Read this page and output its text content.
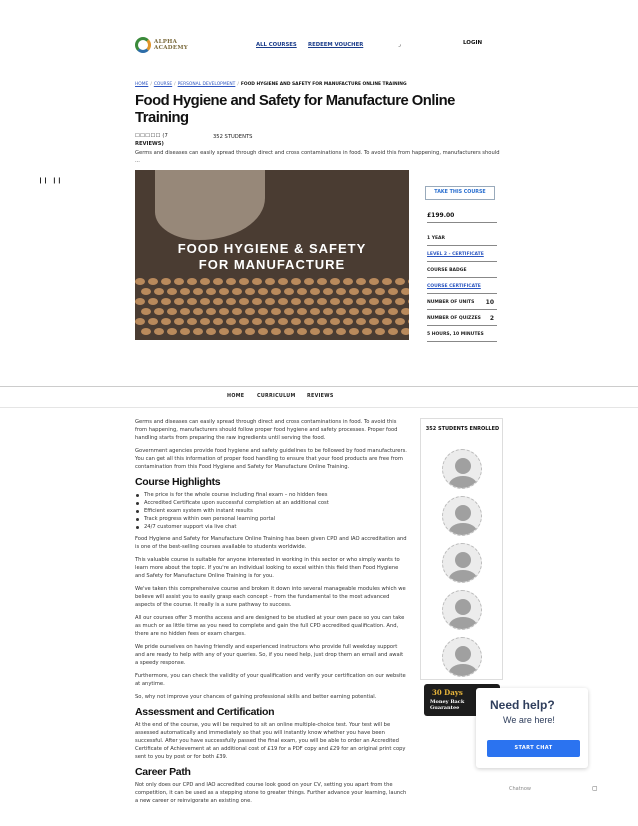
ALPHA
ACADEMY	ALL COURSES REDEEM VOUCHER	⌟	LOGIN
HOME / COURSE / PERSONAL DEVELOPMENT / FOOD HYGIENE AND SAFETY FOR MANUFACTURE ONLINE TRAINING
Food Hygiene and Safety for Manufacture Online Training
☐☐☐☐☐ (7	352 STUDENTS
REVIEWS)
Germs and diseases can easily spread through direct and cross contaminations in food. To avoid this from happening, manufacturers should ...
FOOD HYGIENE & SAFETY
FOR MANUFACTURE
TAKE THIS COURSE
£199.00
1 YEAR
LEVEL 2 - CERTIFICATE
COURSE BADGE
COURSE CERTIFICATE
NUMBER OF UNITS 10
NUMBER OF QUIZZES 2
5 HOURS, 10 MINUTES
❙❙  ❙❙
HOME	CURRICULUM REVIEWS

Germs and diseases can easily spread through direct and cross contaminations in food. To avoid this from happening, manufacturers should follow proper food hygiene and safety processes. Proper food handling starts from preparing the raw ingredients until serving the food.

Government agencies provide food hygiene and safety guidelines to be followed by food manufacturers. You can get all this information of proper food handling to ensure that your food products are free from contamination from this Food Hygiene and Safety for Manufacture Online Training.

Course Highlights
The price is for the whole course including final exam – no hidden fees
Accredited Certificate upon successful completion at an additional cost
Efficient exam system with instant results
Track progress within own personal learning portal
24/7 customer support via live chat

Food Hygiene and Safety for Manufacture Online Training has been given CPD and IAO accreditation and is one of the best-selling courses available to students worldwide.

This valuable course is suitable for anyone interested in working in this sector or who simply wants to learn more about the topic. If you're an individual looking to excel within this field then Food Hygiene and Safety for Manufacture Online Training is for you.

We've taken this comprehensive course and broken it down into several manageable modules which we believe will assist you to easily grasp each concept – from the fundamental to the most advanced aspects of the course. It really is a sure pathway to success.

All our courses offer 3 months access and are designed to be studied at your own pace so you can take as much or as little time as you need to complete and gain the full CPD accredited qualification. And, there are no hidden fees or exam charges.

We pride ourselves on having friendly and experienced instructors who provide full weekday support and are ready to help with any of your queries. So, if you need help, just drop them an email and await a speedy response.

Furthermore, you can check the validity of your qualification and verify your certification on our website at anytime.

So, why not improve your chances of gaining professional skills and better earning potential.

Assessment and Certification

At the end of the course, you will be required to sit an online multiple-choice test. Your test will be assessed automatically and immediately so that you will instantly know whether you have been successful. After you have successfully passed the final exam, you will be able to order an Accredited Certificate of Achievement at an additional cost of £19 for a PDF copy and £29 for an original print copy sent to you by post or for both £39.

Career Path

Not only does our CPD and IAO accredited course look good on your CV, setting you apart from the competition, it can be used as a stepping stone to greater things. Further advance your learning, launch a new career or reinvigorate an existing one.

352 STUDENTS ENROLLED
30 Days
Money Back
Guarantee	Need help?
We are here!
START CHAT
Chatnow	▢
